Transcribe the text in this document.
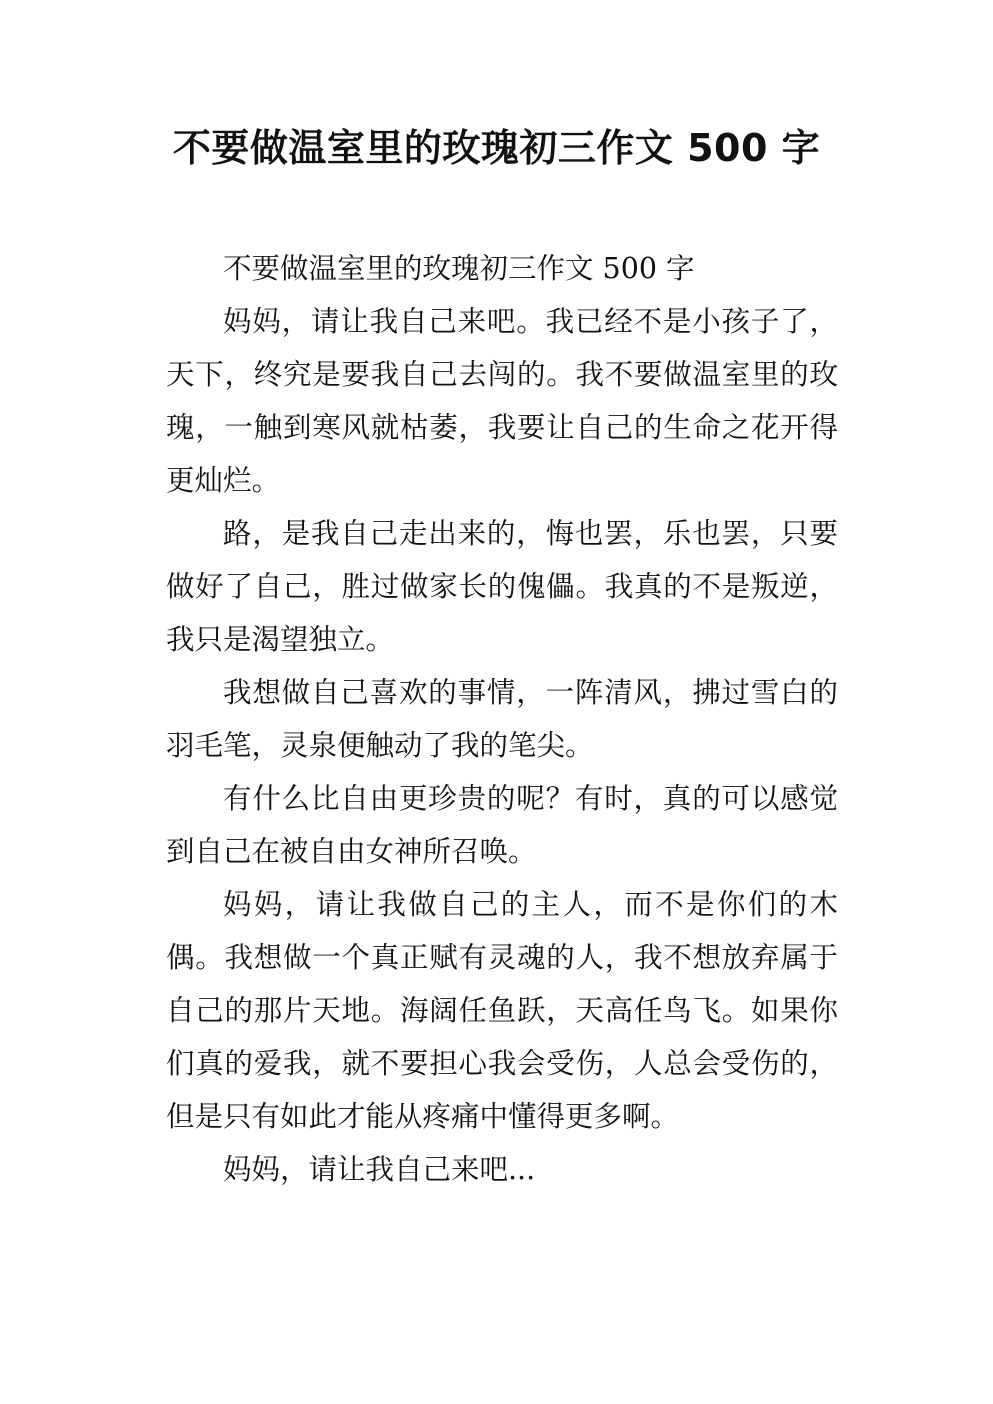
不要做温室里的玫瑰初三作文 500 字

不要做温室里的玫瑰初三作文 500 字

妈妈，请让我自己来吧。我已经不是小孩子了，天下，终究是要我自己去闯的。我不要做温室里的玫瑰，一触到寒风就枯萎，我要让自己的生命之花开得更灿烂。

路，是我自己走出来的，悔也罢，乐也罢，只要做好了自己，胜过做家长的傀儡。我真的不是叛逆，我只是渴望独立。

我想做自己喜欢的事情，一阵清风，拂过雪白的羽毛笔，灵泉便触动了我的笔尖。

有什么比自由更珍贵的呢？有时，真的可以感觉到自己在被自由女神所召唤。

妈妈，请让我做自己的主人，而不是你们的木偶。我想做一个真正赋有灵魂的人，我不想放弃属于自己的那片天地。海阔任鱼跃，天高任鸟飞。如果你们真的爱我，就不要担心我会受伤，人总会受伤的，但是只有如此才能从疼痛中懂得更多啊。

妈妈，请让我自己来吧...
